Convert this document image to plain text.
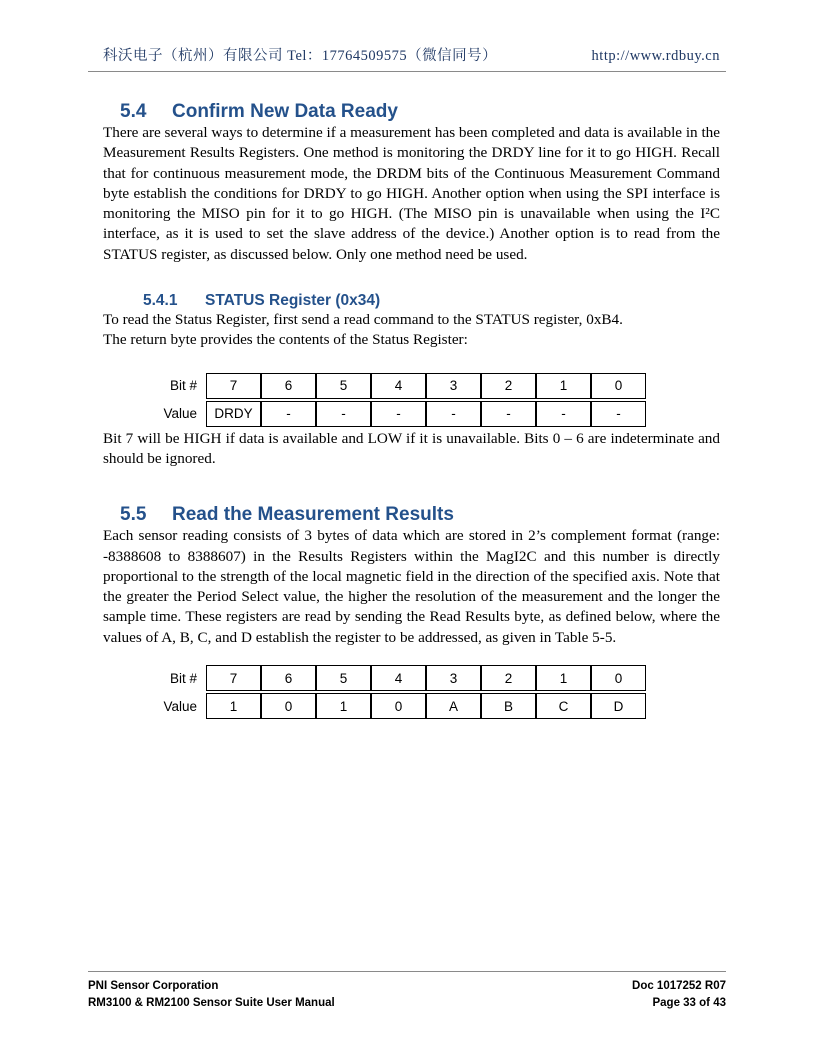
科沃电子（杭州）有限公司 Tel：17764509575（微信同号）	http://www.rdbuy.cn
5.4 Confirm New Data Ready

There are several ways to determine if a measurement has been completed and data is available in the Measurement Results Registers. One method is monitoring the DRDY line for it to go HIGH. Recall that for continuous measurement mode, the DRDM bits of the Continuous Measurement Command byte establish the conditions for DRDY to go HIGH. Another option when using the SPI interface is monitoring the MISO pin for it to go HIGH. (The MISO pin is unavailable when using the I²C interface, as it is used to set the slave address of the device.) Another option is to read from the STATUS register, as discussed below. Only one method need be used.

5.4.1 STATUS Register (0x34)

To read the Status Register, first send a read command to the STATUS register, 0xB4.

The return byte provides the contents of the Status Register:

Bit #	7	6	5	4	3	2	1	0
Value	DRDY	-	-	-	-	-	-	-

Bit 7 will be HIGH if data is available and LOW if it is unavailable. Bits 0 – 6 are indeterminate and should be ignored.

5.5 Read the Measurement Results

Each sensor reading consists of 3 bytes of data which are stored in 2’s complement format (range: -8388608 to 8388607) in the Results Registers within the MagI2C and this number is directly proportional to the strength of the local magnetic field in the direction of the specified axis. Note that the greater the Period Select value, the higher the resolution of the measurement and the longer the sample time. These registers are read by sending the Read Results byte, as defined below, where the values of A, B, C, and D establish the register to be addressed, as given in Table 5-5.

Bit #	7	6	5	4	3	2	1	0
Value	1	0	1	0	A	B	C	D
PNI Sensor Corporation
RM3100 & RM2100 Sensor Suite User Manual
Doc 1017252 R07
Page 33 of 43
